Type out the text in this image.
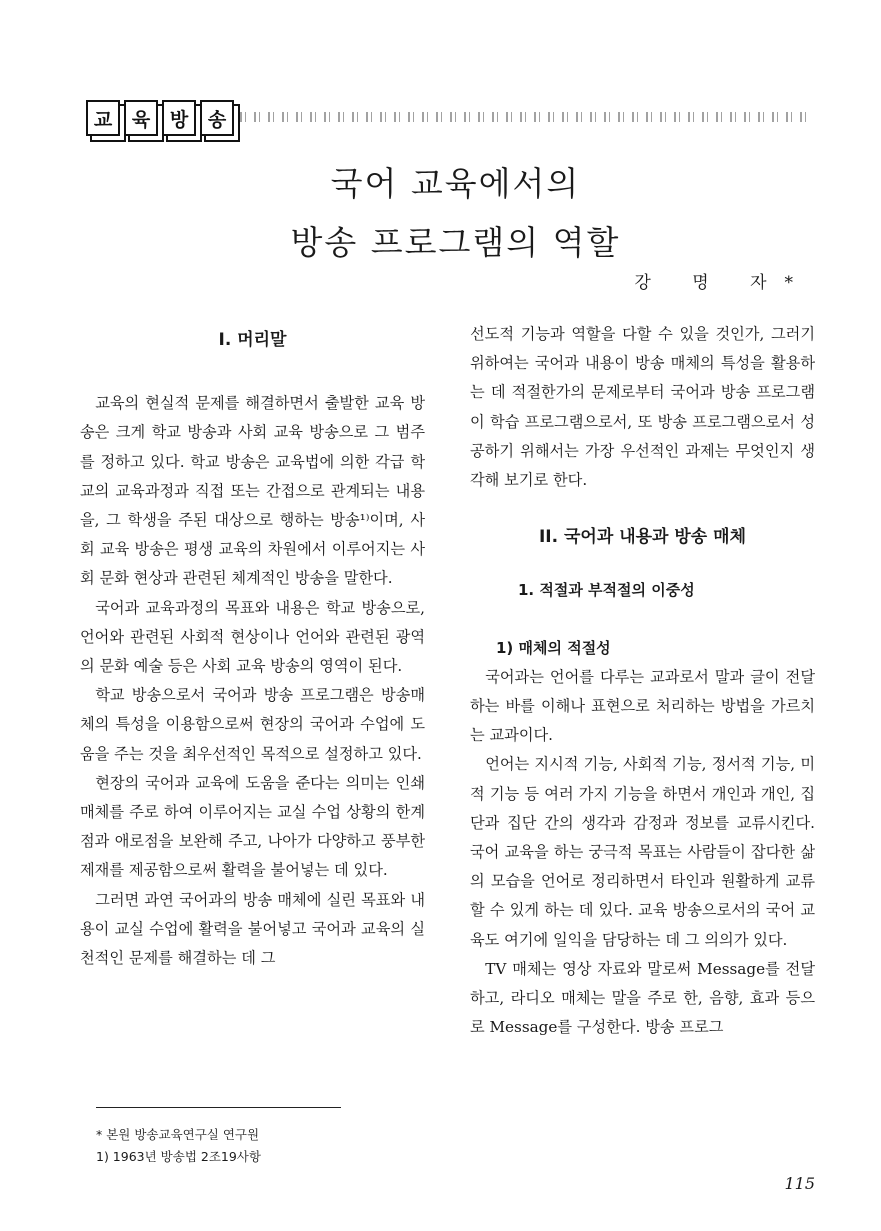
교	육	방	송
국어 교육에서의
방송 프로그램의 역할
강 명 자*
I. 머리말

교육의 현실적 문제를 해결하면서 출발한 교육 방송은 크게 학교 방송과 사회 교육 방송으로 그 범주를 정하고 있다. 학교 방송은 교육법에 의한 각급 학교의 교육과정과 직접 또는 간접으로 관계되는 내용을, 그 학생을 주된 대상으로 행하는 방송¹⁾이며, 사회 교육 방송은 평생 교육의 차원에서 이루어지는 사회 문화 현상과 관련된 체계적인 방송을 말한다.

국어과 교육과정의 목표와 내용은 학교 방송으로, 언어와 관련된 사회적 현상이나 언어와 관련된 광역의 문화 예술 등은 사회 교육 방송의 영역이 된다.

학교 방송으로서 국어과 방송 프로그램은 방송매체의 특성을 이용함으로써 현장의 국어과 수업에 도움을 주는 것을 최우선적인 목적으로 설정하고 있다.

현장의 국어과 교육에 도움을 준다는 의미는 인쇄매체를 주로 하여 이루어지는 교실 수업 상황의 한계점과 애로점을 보완해 주고, 나아가 다양하고 풍부한 제재를 제공함으로써 활력을 불어넣는 데 있다.

그러면 과연 국어과의 방송 매체에 실린 목표와 내용이 교실 수업에 활력을 불어넣고 국어과 교육의 실천적인 문제를 해결하는 데 그

선도적 기능과 역할을 다할 수 있을 것인가, 그러기 위하여는 국어과 내용이 방송 매체의 특성을 활용하는 데 적절한가의 문제로부터 국어과 방송 프로그램이 학습 프로그램으로서, 또 방송 프로그램으로서 성공하기 위해서는 가장 우선적인 과제는 무엇인지 생각해 보기로 한다.

II. 국어과 내용과 방송 매체
1. 적절과 부적절의 이중성
1) 매체의 적절성

국어과는 언어를 다루는 교과로서 말과 글이 전달하는 바를 이해나 표현으로 처리하는 방법을 가르치는 교과이다.

언어는 지시적 기능, 사회적 기능, 정서적 기능, 미적 기능 등 여러 가지 기능을 하면서 개인과 개인, 집단과 집단 간의 생각과 감정과 정보를 교류시킨다. 국어 교육을 하는 궁극적 목표는 사람들이 잡다한 삶의 모습을 언어로 정리하면서 타인과 원활하게 교류할 수 있게 하는 데 있다. 교육 방송으로서의 국어 교육도 여기에 일익을 담당하는 데 그 의의가 있다.

TV 매체는 영상 자료와 말로써 Message를 전달하고, 라디오 매체는 말을 주로 한, 음향, 효과 등으로 Message를 구성한다. 방송 프로그

* 본원 방송교육연구실 연구원
1) 1963년 방송법 2조19사항
115
